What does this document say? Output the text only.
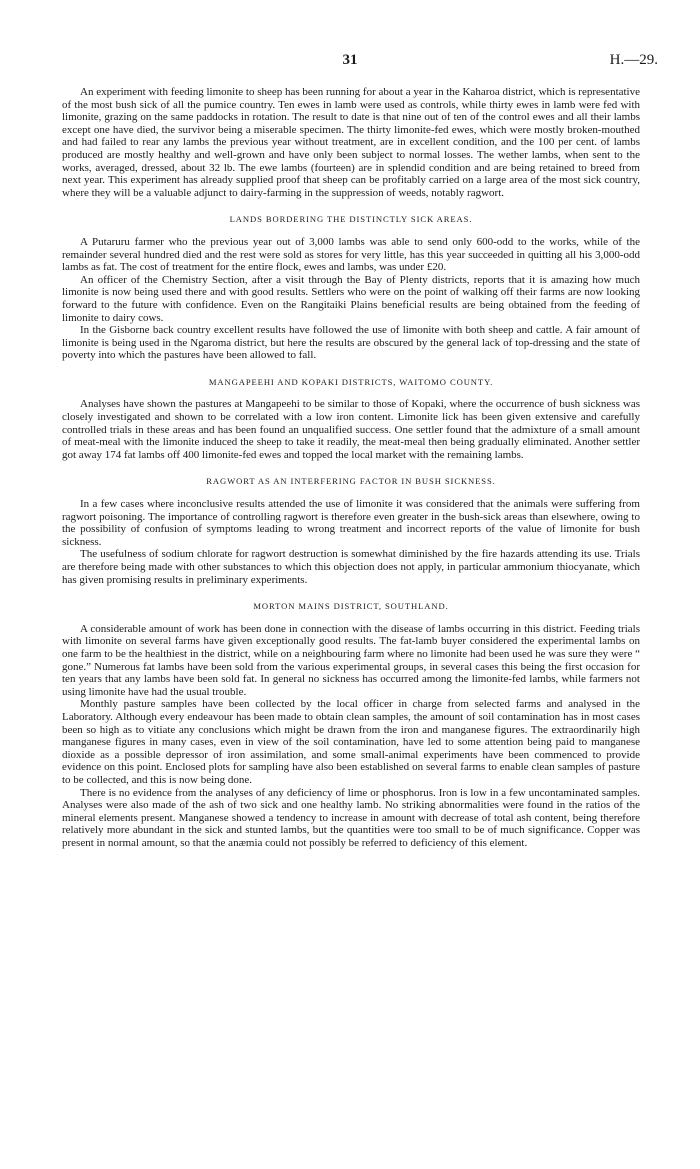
31	H.—29.

An experiment with feeding limonite to sheep has been running for about a year in the Kaharoa district, which is representative of the most bush sick of all the pumice country. Ten ewes in lamb were used as controls, while thirty ewes in lamb were fed with limonite, grazing on the same paddocks in rotation. The result to date is that nine out of ten of the control ewes and all their lambs except one have died, the survivor being a miserable specimen. The thirty limonite-fed ewes, which were mostly broken-mouthed and had failed to rear any lambs the previous year without treatment, are in excellent condition, and the 100 per cent. of lambs produced are mostly healthy and well-grown and have only been subject to normal losses. The wether lambs, when sent to the works, averaged, dressed, about 32 lb. The ewe lambs (fourteen) are in splendid condition and are being retained to breed from next year. This experiment has already supplied proof that sheep can be profitably carried on a large area of the most sick country, where they will be a valuable adjunct to dairy-farming in the suppression of weeds, notably ragwort.

LANDS BORDERING THE DISTINCTLY SICK AREAS.

A Putaruru farmer who the previous year out of 3,000 lambs was able to send only 600-odd to the works, while of the remainder several hundred died and the rest were sold as stores for very little, has this year succeeded in quitting all his 3,000-odd lambs as fat. The cost of treatment for the entire flock, ewes and lambs, was under £20.

An officer of the Chemistry Section, after a visit through the Bay of Plenty districts, reports that it is amazing how much limonite is now being used there and with good results. Settlers who were on the point of walking off their farms are now looking forward to the future with confidence. Even on the Rangitaiki Plains beneficial results are being obtained from the feeding of limonite to dairy cows.

In the Gisborne back country excellent results have followed the use of limonite with both sheep and cattle. A fair amount of limonite is being used in the Ngaroma district, but here the results are obscured by the general lack of top-dressing and the state of poverty into which the pastures have been allowed to fall.

MANGAPEEHI AND KOPAKI DISTRICTS, WAITOMO COUNTY.

Analyses have shown the pastures at Mangapeehi to be similar to those of Kopaki, where the occurrence of bush sickness was closely investigated and shown to be correlated with a low iron content. Limonite lick has been given extensive and carefully controlled trials in these areas and has been found an unqualified success. One settler found that the admixture of a small amount of meat-meal with the limonite induced the sheep to take it readily, the meat-meal then being gradually eliminated. Another settler got away 174 fat lambs off 400 limonite-fed ewes and topped the local market with the remaining lambs.

RAGWORT AS AN INTERFERING FACTOR IN BUSH SICKNESS.

In a few cases where inconclusive results attended the use of limonite it was considered that the animals were suffering from ragwort poisoning. The importance of controlling ragwort is therefore even greater in the bush-sick areas than elsewhere, owing to the possibility of confusion of symptoms leading to wrong treatment and incorrect reports of the value of limonite for bush sickness.

The usefulness of sodium chlorate for ragwort destruction is somewhat diminished by the fire hazards attending its use. Trials are therefore being made with other substances to which this objection does not apply, in particular ammonium thiocyanate, which has given promising results in preliminary experiments.

MORTON MAINS DISTRICT, SOUTHLAND.

A considerable amount of work has been done in connection with the disease of lambs occurring in this district. Feeding trials with limonite on several farms have given exceptionally good results. The fat-lamb buyer considered the experimental lambs on one farm to be the healthiest in the district, while on a neighbouring farm where no limonite had been used he was sure they were “ gone.” Numerous fat lambs have been sold from the various experimental groups, in several cases this being the first occasion for ten years that any lambs have been sold fat. In general no sickness has occurred among the limonite-fed lambs, while farmers not using limonite have had the usual trouble.

Monthly pasture samples have been collected by the local officer in charge from selected farms and analysed in the Laboratory. Although every endeavour has been made to obtain clean samples, the amount of soil contamination has in most cases been so high as to vitiate any conclusions which might be drawn from the iron and manganese figures. The extraordinarily high manganese figures in many cases, even in view of the soil contamination, have led to some attention being paid to manganese dioxide as a possible depressor of iron assimilation, and some small-animal experiments have been commenced to provide evidence on this point. Enclosed plots for sampling have also been established on several farms to enable clean samples of pasture to be collected, and this is now being done.

There is no evidence from the analyses of any deficiency of lime or phosphorus. Iron is low in a few uncontaminated samples. Analyses were also made of the ash of two sick and one healthy lamb. No striking abnormalities were found in the ratios of the mineral elements present. Manganese showed a tendency to increase in amount with decrease of total ash content, being therefore relatively more abundant in the sick and stunted lambs, but the quantities were too small to be of much significance. Copper was present in normal amount, so that the anæmia could not possibly be referred to deficiency of this element.
